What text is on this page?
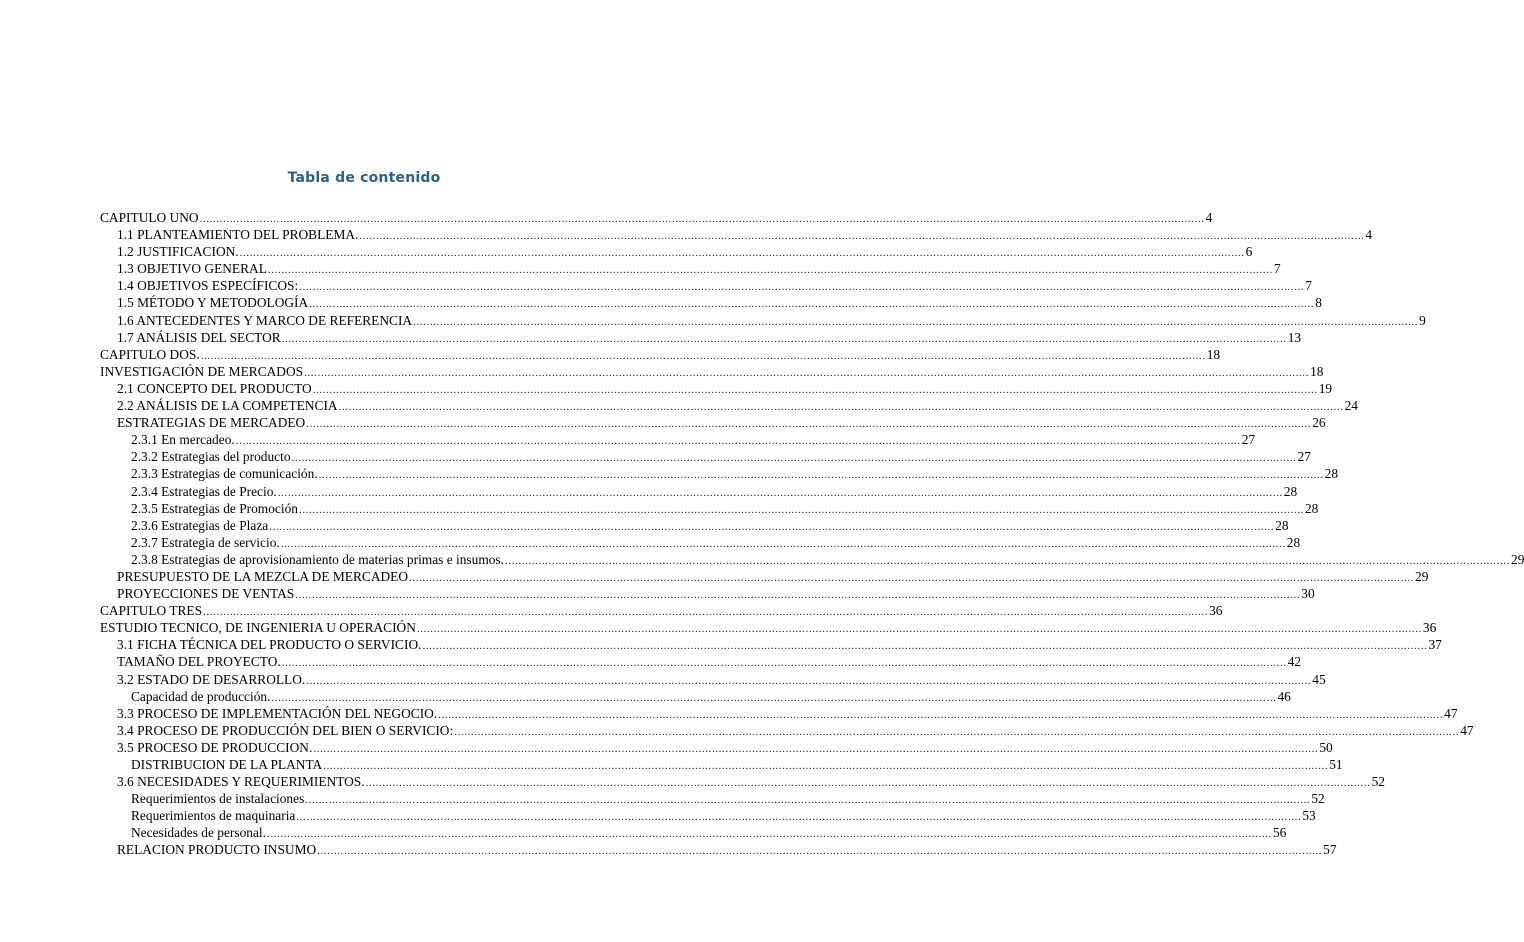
Tabla de contenido
CAPITULO UNO ............................................................................................................................................................................................................................................................................................................ 4
1.1 PLANTEAMIENTO DEL PROBLEMA. ............................................................................................................................................................................................................................................................................................................ 4
1.2 JUSTIFICACION. ............................................................................................................................................................................................................................................................................................................ 6
1.3 OBJETIVO GENERAL ............................................................................................................................................................................................................................................................................................................ 7
1.4 OBJETIVOS ESPECÍFICOS: ............................................................................................................................................................................................................................................................................................................ 7
1.5 MÉTODO Y METODOLOGÍA ............................................................................................................................................................................................................................................................................................................ 8
1.6 ANTECEDENTES Y MARCO DE REFERENCIA ............................................................................................................................................................................................................................................................................................................ 9
1.7 ANÁLISIS DEL SECTOR ............................................................................................................................................................................................................................................................................................................ 13
CAPITULO DOS. ............................................................................................................................................................................................................................................................................................................ 18
INVESTIGACIÓN DE MERCADOS ............................................................................................................................................................................................................................................................................................................ 18
2.1 CONCEPTO DEL PRODUCTO ............................................................................................................................................................................................................................................................................................................ 19
2.2 ANÁLISIS DE LA COMPETENCIA ............................................................................................................................................................................................................................................................................................................ 24
ESTRATEGIAS DE MERCADEO ............................................................................................................................................................................................................................................................................................................ 26
2.3.1 En mercadeo. ............................................................................................................................................................................................................................................................................................................ 27
2.3.2 Estrategias del producto ............................................................................................................................................................................................................................................................................................................ 27
2.3.3 Estrategias de comunicación. ............................................................................................................................................................................................................................................................................................................ 28
2.3.4 Estrategias de Precio. ............................................................................................................................................................................................................................................................................................................ 28
2.3.5 Estrategias de Promoción ............................................................................................................................................................................................................................................................................................................ 28
2.3.6 Estrategias de Plaza ............................................................................................................................................................................................................................................................................................................ 28
2.3.7 Estrategia de servicio. ............................................................................................................................................................................................................................................................................................................ 28
2.3.8 Estrategias de aprovisionamiento de materias primas e insumos. ............................................................................................................................................................................................................................................................................................................ 29
PRESUPUESTO DE LA MEZCLA DE MERCADEO ............................................................................................................................................................................................................................................................................................................ 29
PROYECCIONES DE VENTAS ............................................................................................................................................................................................................................................................................................................ 30
CAPITULO TRES ............................................................................................................................................................................................................................................................................................................ 36
ESTUDIO TECNICO, DE INGENIERIA U OPERACIÓN ............................................................................................................................................................................................................................................................................................................ 36
3.1 FICHA TÉCNICA DEL PRODUCTO O SERVICIO. ............................................................................................................................................................................................................................................................................................................ 37
TAMAÑO DEL PROYECTO. ............................................................................................................................................................................................................................................................................................................ 42
3.2 ESTADO DE DESARROLLO. ............................................................................................................................................................................................................................................................................................................ 45
Capacidad de producción. ............................................................................................................................................................................................................................................................................................................ 46
3.3 PROCESO DE IMPLEMENTACIÓN DEL NEGOCIO. ............................................................................................................................................................................................................................................................................................................ 47
3.4 PROCESO DE PRODUCCIÓN DEL BIEN O SERVICIO: ............................................................................................................................................................................................................................................................................................................ 47
3.5 PROCESO DE PRODUCCION. ............................................................................................................................................................................................................................................................................................................ 50
DISTRIBUCION DE LA PLANTA ............................................................................................................................................................................................................................................................................................................ 51
3.6 NECESIDADES Y REQUERIMIENTOS. ............................................................................................................................................................................................................................................................................................................ 52
Requerimientos de instalaciones ............................................................................................................................................................................................................................................................................................................ 52
Requerimientos de maquinaria ............................................................................................................................................................................................................................................................................................................ 53
Necesidades de personal. ............................................................................................................................................................................................................................................................................................................ 56
RELACION PRODUCTO INSUMO ............................................................................................................................................................................................................................................................................................................ 57
